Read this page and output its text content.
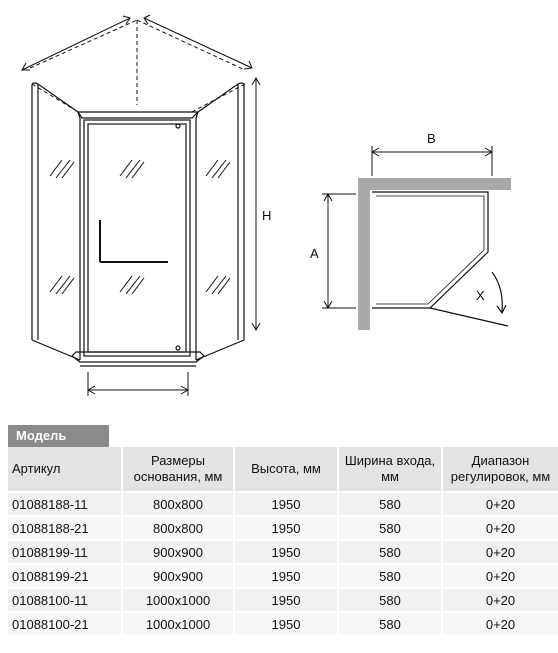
H
B
A
X
Модель
Артикул	Размеры основания, мм	Высота, мм	Ширина входа, мм	Диапазон регулировок, мм
01088188-11	800x800	1950	580	0+20
01088188-21	800x800	1950	580	0+20
01088199-11	900x900	1950	580	0+20
01088199-21	900x900	1950	580	0+20
01088100-11	1000x1000	1950	580	0+20
01088100-21	1000x1000	1950	580	0+20
